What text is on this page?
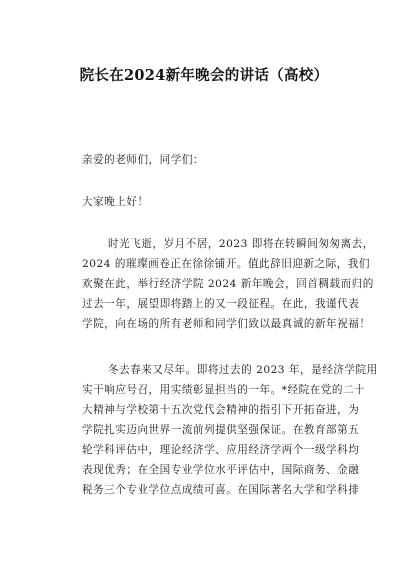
院长在2024新年晚会的讲话（高校）
亲爱的老师们，同学们：
大家晚上好！
时光飞逝，岁月不居，2023 即将在转瞬间匆匆离去，
2024 的璀璨画卷正在徐徐铺开。值此辞旧迎新之际，我们
欢聚在此，举行经济学院 2024 新年晚会，回首稠载而归的
过去一年，展望即将踏上的又一段征程。在此，我谨代表
学院，向在场的所有老师和同学们致以最真诚的新年祝福！
冬去春来又尽年。即将过去的 2023 年，是经济学院用
实干响应号召，用实绩彰显担当的一年。*经院在党的二十
大精神与学校第十五次党代会精神的指引下开拓奋进，为
学院扎实迈向世界一流前列提供坚强保证。在教育部第五
轮学科评估中，理论经济学、应用经济学两个一级学科均
表现优秀；在全国专业学位水平评估中，国际商务、金融
税务三个专业学位点成绩可喜。在国际著名大学和学科排
